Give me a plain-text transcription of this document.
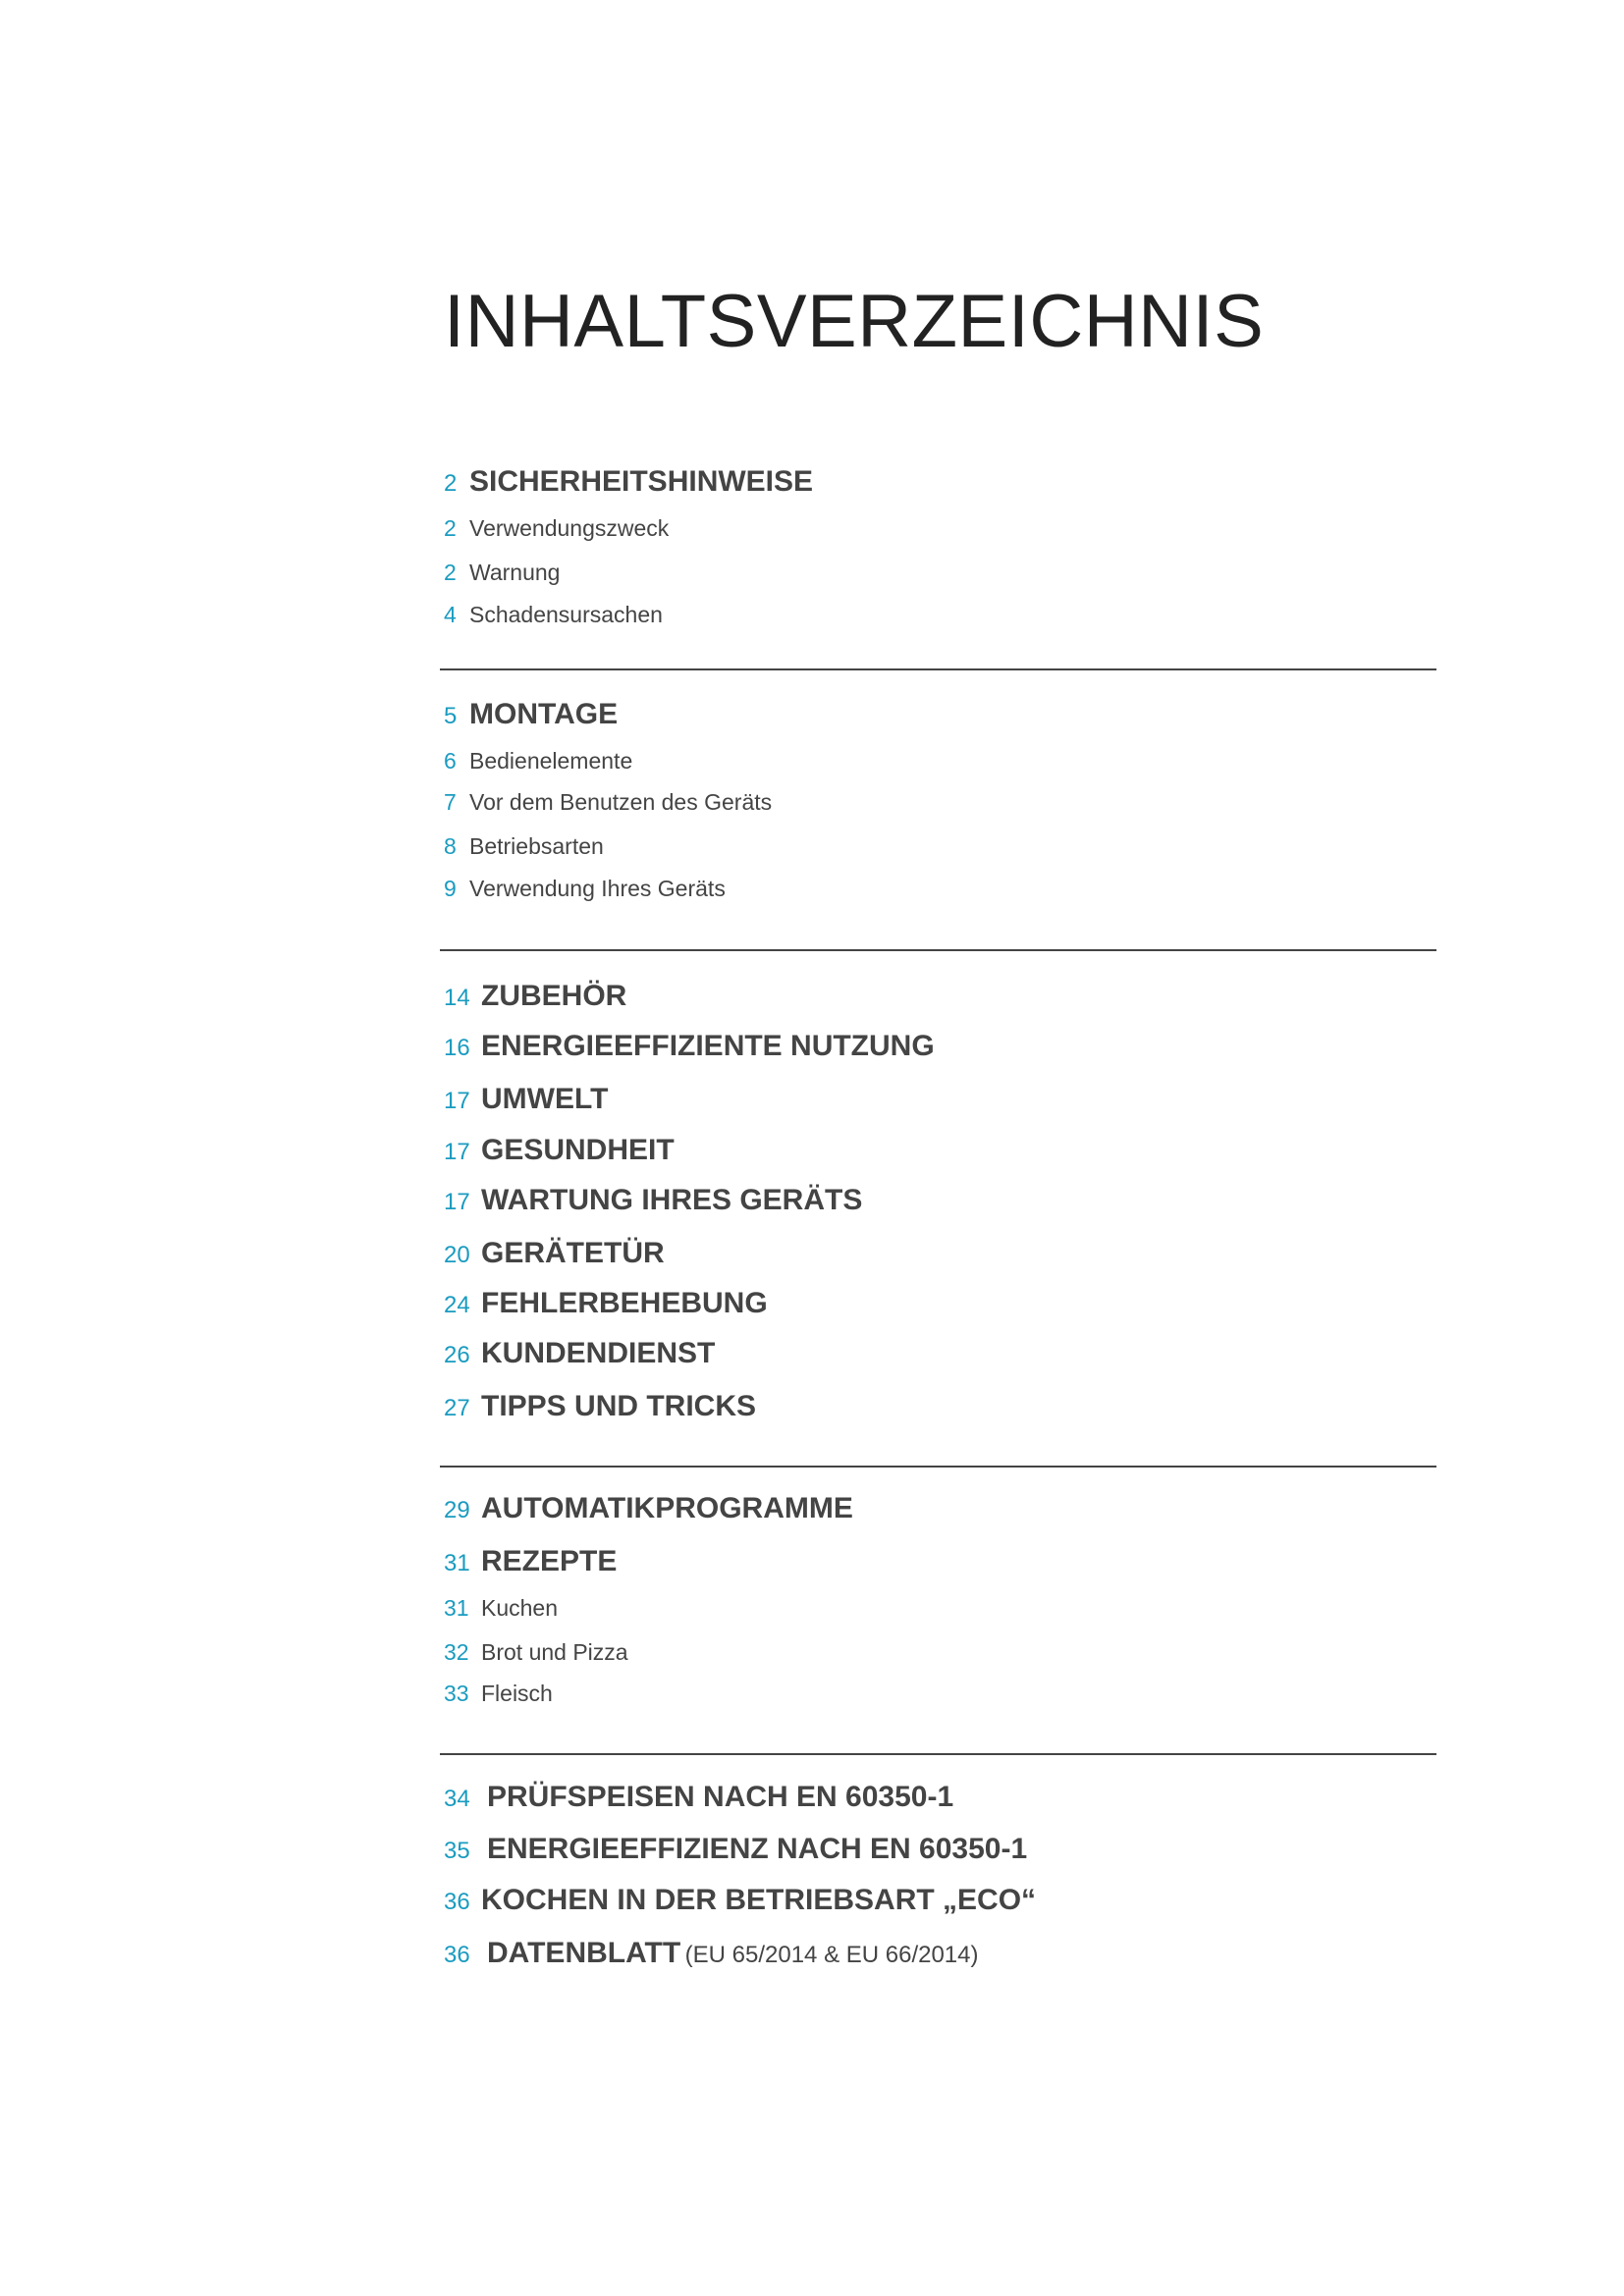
INHALTSVERZEICHNIS
2 SICHERHEITSHINWEISE
2 Verwendungszweck
2 Warnung
4 Schadensursachen
5 MONTAGE
6 Bedienelemente
7 Vor dem Benutzen des Geräts
8 Betriebsarten
9 Verwendung Ihres Geräts
14 ZUBEHÖR
16 ENERGIEEFFIZIENTE NUTZUNG
17 UMWELT
17 GESUNDHEIT
17 WARTUNG IHRES GERÄTS
20 GERÄTETÜR
24 FEHLERBEHEBUNG
26 KUNDENDIENST
27 TIPPS UND TRICKS
29 AUTOMATIKPROGRAMME
31 REZEPTE
31 Kuchen
32 Brot und Pizza
33 Fleisch
34 PRÜFSPEISEN NACH EN 60350-1
35 ENERGIEEFFIZIENZ NACH EN 60350-1
36 KOCHEN IN DER BETRIEBSART „ECO“
36 DATENBLATT (EU 65/2014 & EU 66/2014)
